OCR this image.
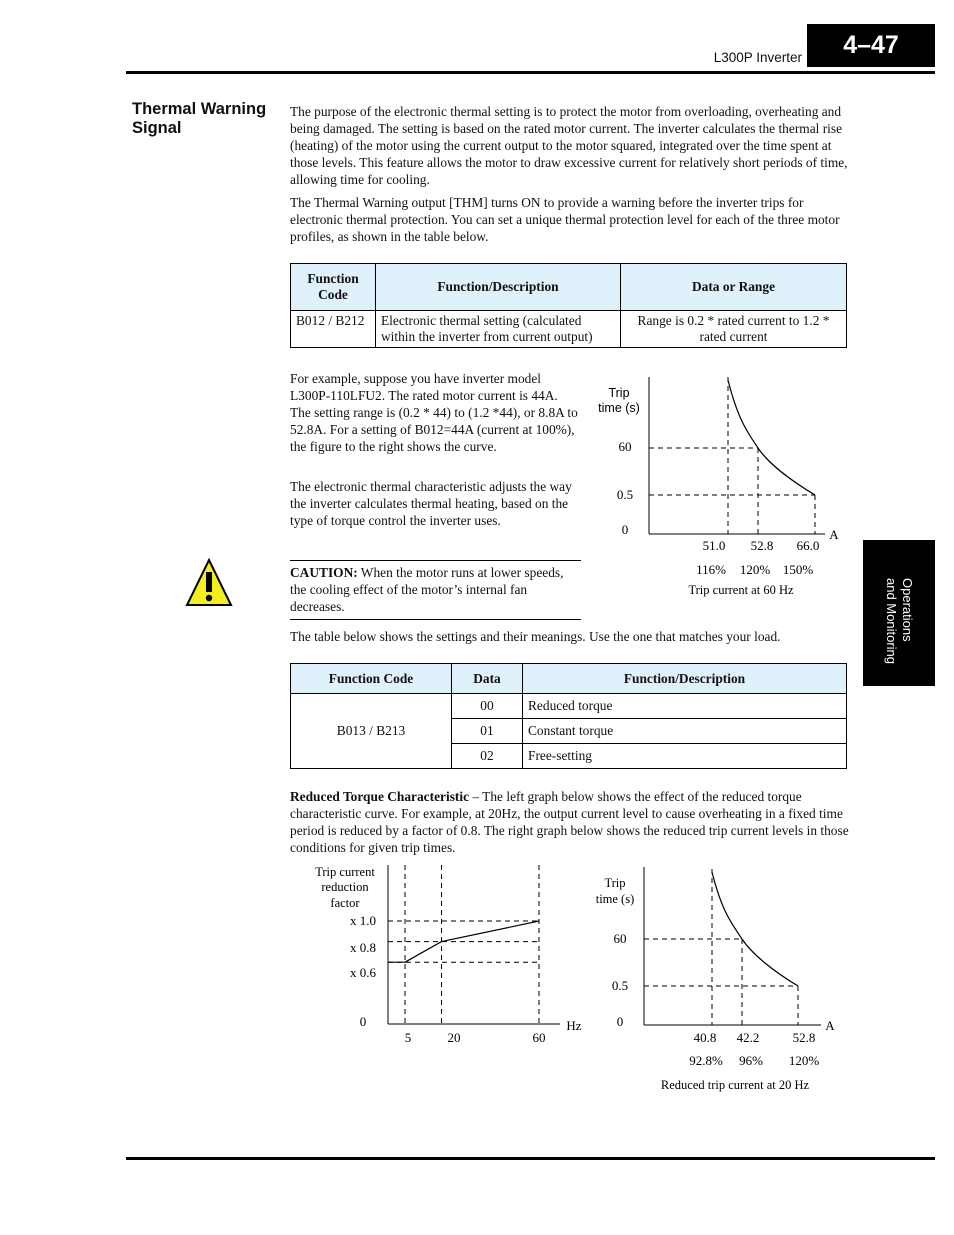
L300P Inverter	4–47
Operations
and Monitoring
Thermal Warning Signal
The purpose of the electronic thermal setting is to protect the motor from overloading, overheating and being damaged. The setting is based on the rated motor current. The inverter calculates the thermal rise (heating) of the motor using the current output to the motor squared, integrated over the time spent at those levels. This feature allows the motor to draw excessive current for relatively short periods of time, allowing time for cooling.
The Thermal Warning output [THM] turns ON to provide a warning before the inverter trips for electronic thermal protection. You can set a unique thermal protection level for each of the three motor profiles, as shown in the table below.
Function Code	Function/Description	Data or Range
B012 / B212	Electronic thermal setting (calculated within the inverter from current output)	Range is 0.2 * rated current to 1.2 * rated current
For example, suppose you have inverter model L300P-110LFU2. The rated motor current is 44A. The setting range is (0.2 * 44) to (1.2 *44), or 8.8A to 52.8A. For a setting of B012=44A (current at 100%), the figure to the right shows the curve.
The electronic thermal characteristic adjusts the way the inverter calculates thermal heating, based on the type of torque control the inverter uses.
CAUTION: When the motor runs at lower speeds, the cooling effect of the motor’s internal fan decreases.
Trip
time (s)
60
0.5
0	A
51.0 52.8 66.0
116% 120% 150%
Trip current at 60 Hz
The table below shows the settings and their meanings. Use the one that matches your load.
Function Code	Data	Function/Description
B013 / B213	00	Reduced torque
	01	Constant torque
	02	Free-setting
Reduced Torque Characteristic – The left graph below shows the effect of the reduced torque characteristic curve. For example, at 20Hz, the output current level to cause overheating in a fixed time period is reduced by a factor of 0.8. The right graph below shows the reduced trip current levels in those conditions for given trip times.
Trip current
reduction
factor
x 1.0
x 0.8
x 0.6
0	Hz
5	20	60
Trip
time (s)
60
0.5
0	A
40.8 42.2	52.8
92.8% 96% 120%
Reduced trip current at 20 Hz
